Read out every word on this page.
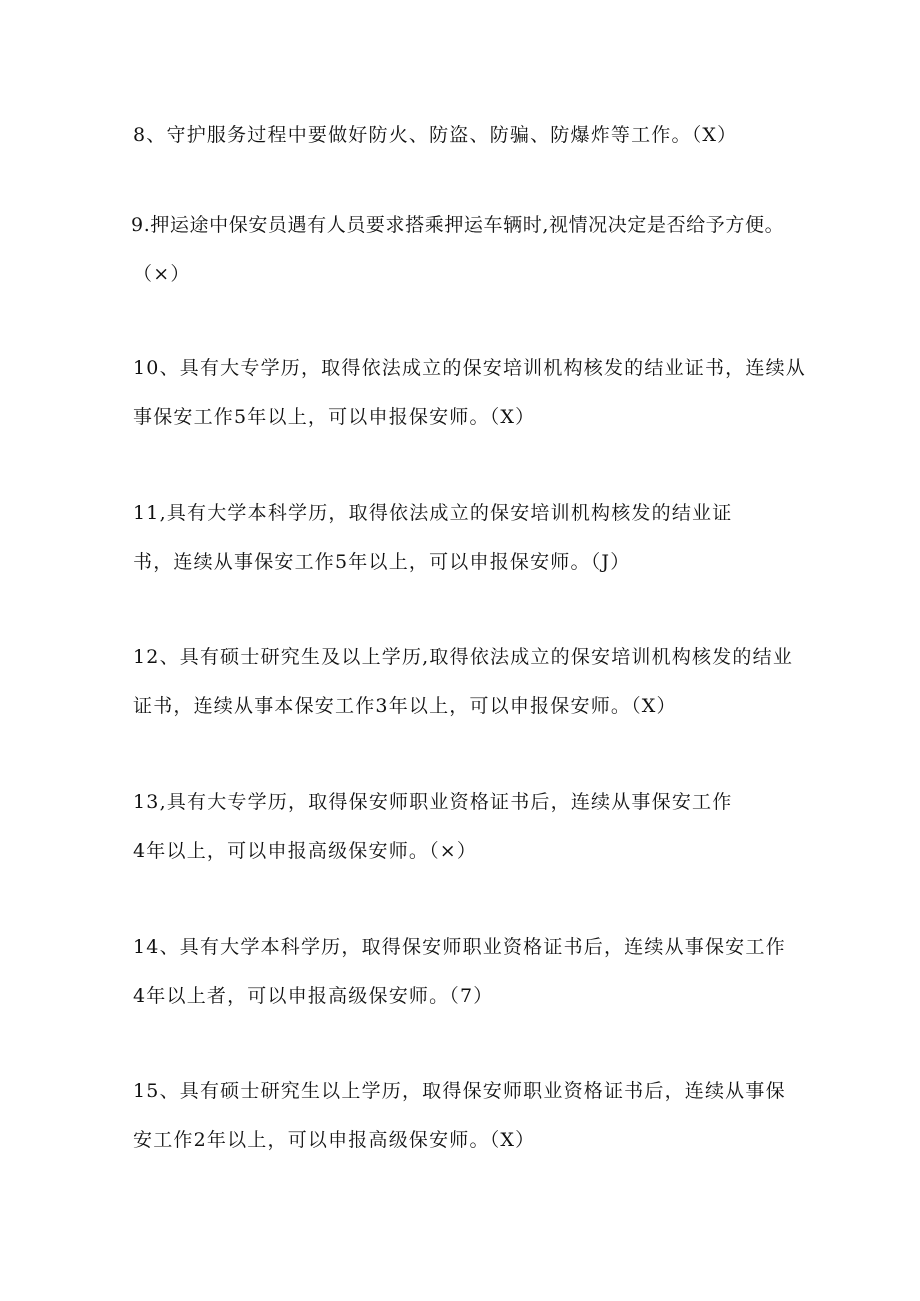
8、守护服务过程中要做好防火、防盗、防骗、防爆炸等工作。（X）
9.押运途中保安员遇有人员要求搭乘押运车辆时,视情况决定是否给予方便。
（×）
10、具有大专学历，取得依法成立的保安培训机构核发的结业证书，连续从
事保安工作5年以上，可以申报保安师。（X）
11,具有大学本科学历，取得依法成立的保安培训机构核发的结业证
书，连续从事保安工作5年以上，可以申报保安师。（J）
12、具有硕士研究生及以上学历,取得依法成立的保安培训机构核发的结业
证书，连续从事本保安工作3年以上，可以申报保安师。（X）
13,具有大专学历，取得保安师职业资格证书后，连续从事保安工作
4年以上，可以申报高级保安师。（×）
14、具有大学本科学历，取得保安师职业资格证书后，连续从事保安工作
4年以上者，可以申报高级保安师。（7）
15、具有硕士研究生以上学历，取得保安师职业资格证书后，连续从事保
安工作2年以上，可以申报高级保安师。（X）
